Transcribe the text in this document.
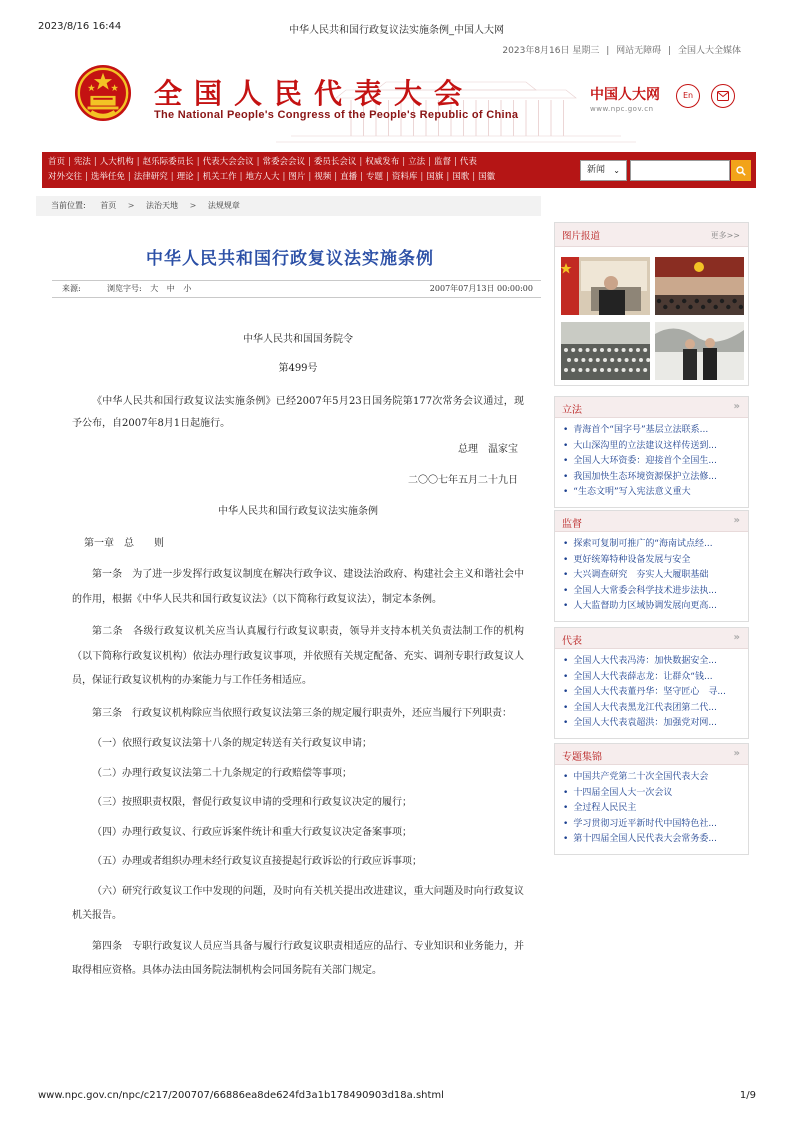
2023/8/16 16:44	中华人民共和国行政复议法实施条例_中国人大网
2023年8月16日 星期三 | 网站无障碍 | 全国人大全媒体
全国人民代表大会
The National People's Congress of the People's Republic of China
中国人大网
www.npc.gov.cn
En
首页 | 宪法 | 人大机构 | 赵乐际委员长 | 代表大会会议 | 常委会会议 | 委员长会议 | 权威发布 | 立法 | 监督 | 代表
对外交往 | 选举任免 | 法律研究 | 理论 | 机关工作 | 地方人大 | 图片 | 视频 | 直播 | 专题 | 资料库 | 国旗 | 国歌 | 国徽
新闻 ⌄
当前位置: 首页 > 法治天地 > 法规规章
中华人民共和国行政复议法实施条例
来源:	浏览字号: 大 中 小	2007年07月13日 00:00:00
中华人民共和国国务院令
第499号
《中华人民共和国行政复议法实施条例》已经2007年5月23日国务院第177次常务会议通过，现予公布，自2007年8月1日起施行。
总理　温家宝
二〇〇七年五月二十九日
中华人民共和国行政复议法实施条例
第一章　总　　则
第一条　为了进一步发挥行政复议制度在解决行政争议、建设法治政府、构建社会主义和谐社会中的作用，根据《中华人民共和国行政复议法》（以下简称行政复议法），制定本条例。
第二条　各级行政复议机关应当认真履行行政复议职责，领导并支持本机关负责法制工作的机构（以下简称行政复议机构）依法办理行政复议事项，并依照有关规定配备、充实、调剂专职行政复议人员，保证行政复议机构的办案能力与工作任务相适应。
第三条　行政复议机构除应当依照行政复议法第三条的规定履行职责外，还应当履行下列职责：
（一）依照行政复议法第十八条的规定转送有关行政复议申请；
（二）办理行政复议法第二十九条规定的行政赔偿等事项；
（三）按照职责权限，督促行政复议申请的受理和行政复议决定的履行；
（四）办理行政复议、行政应诉案件统计和重大行政复议决定备案事项；
（五）办理或者组织办理未经行政复议直接提起行政诉讼的行政应诉事项；
（六）研究行政复议工作中发现的问题，及时向有关机关提出改进建议，重大问题及时向行政复议机关报告。
第四条　专职行政复议人员应当具备与履行行政复议职责相适应的品行、专业知识和业务能力，并取得相应资格。具体办法由国务院法制机构会同国务院有关部门规定。
图片报道	更多>>
立法	»
• 青海首个“国字号”基层立法联系...
• 大山深沟里的立法建议这样传送到...
• 全国人大环资委：迎接首个全国生...
• 我国加快生态环境资源保护立法修...
• “生态文明”写入宪法意义重大
监督	»
• 探索可复制可推广的“海南试点经...
• 更好统筹特种设备发展与安全
• 大兴调查研究　夯实人大履职基础
• 全国人大常委会科学技术进步法执...
• 人大监督助力区域协调发展向更高...
代表	»
• 全国人大代表冯涛：加快数据安全...
• 全国人大代表薛志龙：让群众“钱...
• 全国人大代表董丹华：坚守匠心　寻...
• 全国人大代表黑龙江代表团第二代...
• 全国人大代表袁超洪：加强党对网...
专题集锦	»
• 中国共产党第二十次全国代表大会
• 十四届全国人大一次会议
• 全过程人民民主
• 学习贯彻习近平新时代中国特色社...
• 第十四届全国人民代表大会常务委...
www.npc.gov.cn/npc/c217/200707/66886ea8de624fd3a1b178490903d18a.shtml	1/9
